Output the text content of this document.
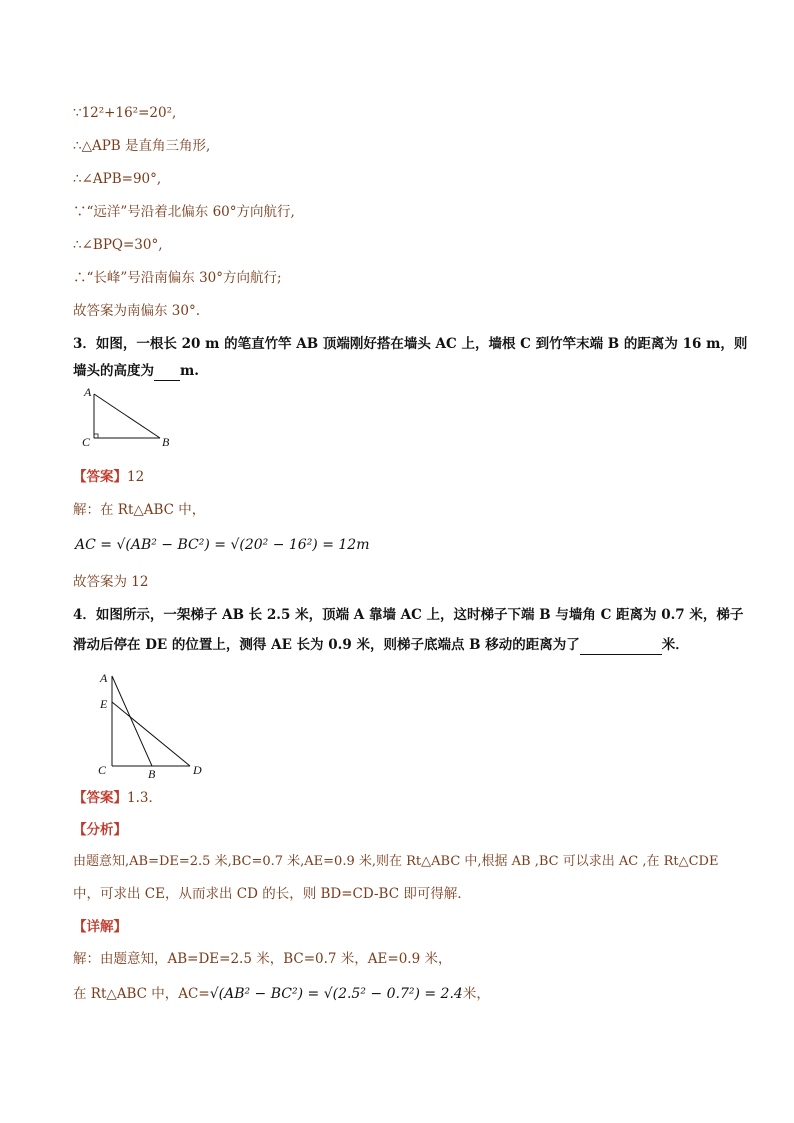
∵12²+16²=20²,
∴△APB 是直角三角形,
∴∠APB=90°,
∵“远洋”号沿着北偏东 60°方向航行,
∴∠BPQ=30°,
∴“长峰”号沿南偏东 30°方向航行;
故答案为南偏东 30°.
3．如图，一根长 20 m 的笔直竹竿 AB 顶端刚好搭在墙头 AC 上，墙根 C 到竹竿末端 B 的距离为 16 m，则
墙头的高度为 m.
A
C	B
【答案】12
解：在 Rt△ABC 中，
AC = √(AB² − BC²) = √(20² − 16²) = 12m
故答案为 12
4．如图所示，一架梯子 AB 长 2.5 米，顶端 A 靠墙 AC 上，这时梯子下端 B 与墙角 C 距离为 0.7 米，梯子
滑动后停在 DE 的位置上，测得 AE 长为 0.9 米，则梯子底端点 B 移动的距离为了	米．
A
E
C	B	D
【答案】1.3．
【分析】
由题意知,AB=DE=2.5 米,BC=0.7 米,AE=0.9 米,则在 Rt△ABC 中,根据 AB ,BC 可以求出 AC ,在 Rt△CDE
中，可求出 CE，从而求出 CD 的长，则 BD=CD-BC 即可得解．
【详解】
解：由题意知，AB=DE=2.5 米，BC=0.7 米，AE=0.9 米，
在 Rt△ABC 中，AC=√(AB² − BC²) = √(2.5² − 0.7²) = 2.4米，
